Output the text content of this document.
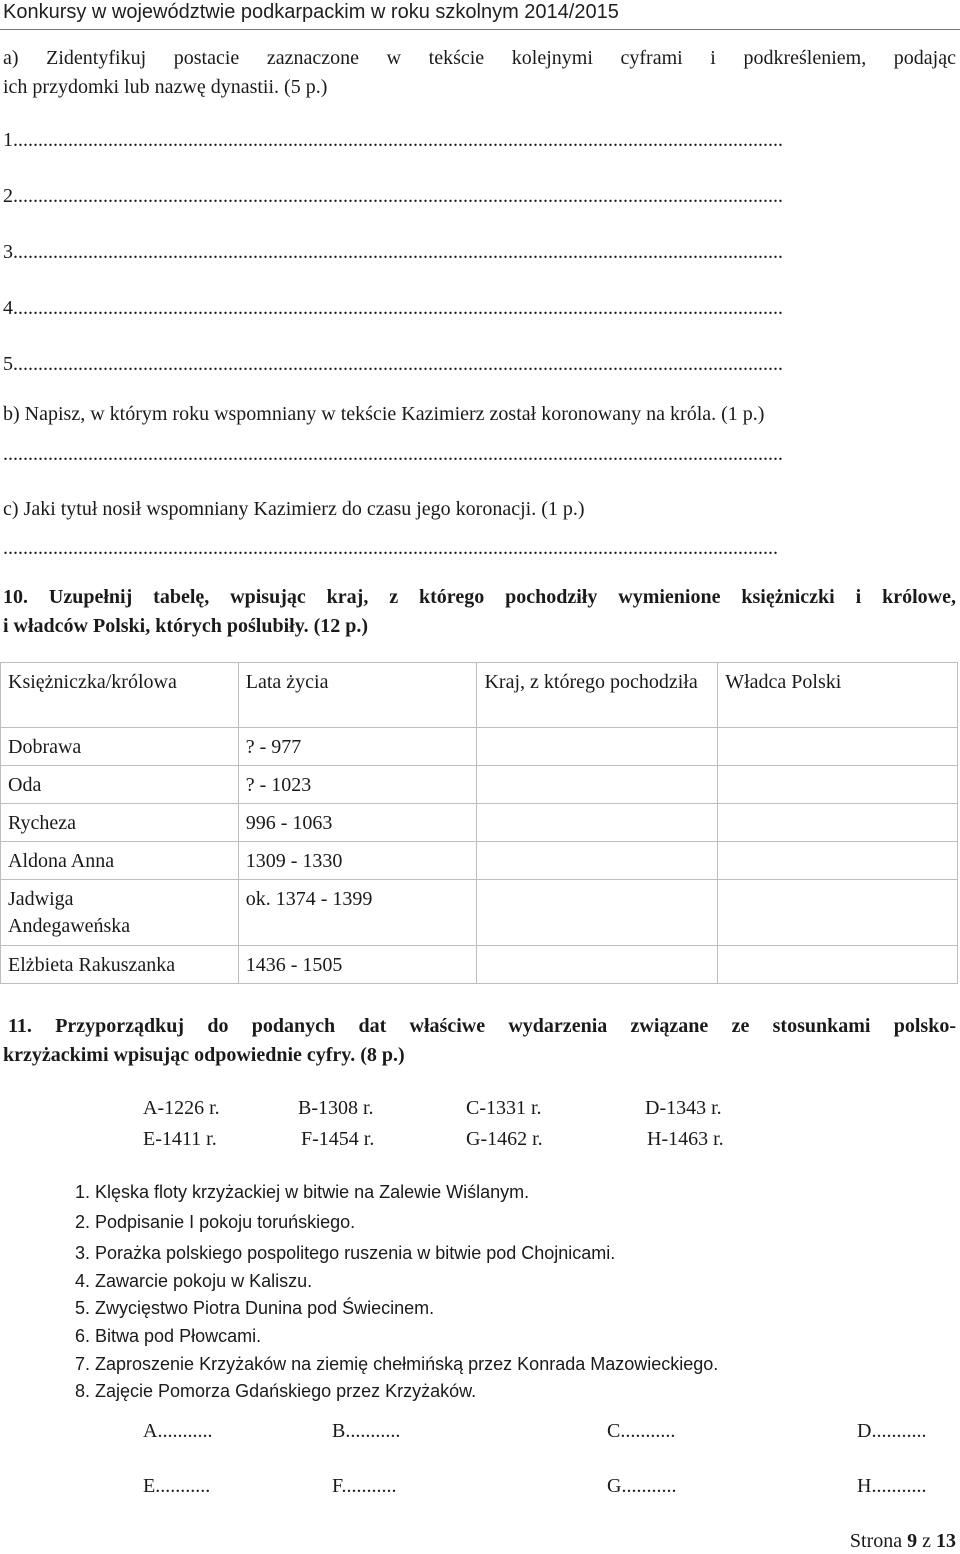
Konkursy w województwie podkarpackim w roku szkolnym 2014/2015
a) Zidentyfikuj postacie zaznaczone w tekście kolejnymi cyframi i podkreśleniem, podając
ich przydomki lub nazwę dynastii. (5 p.)
1..........................................................................................................................................................
2..........................................................................................................................................................
3..........................................................................................................................................................
4..........................................................................................................................................................
5..........................................................................................................................................................
b) Napisz, w którym roku wspomniany w tekście Kazimierz został koronowany na króla. (1 p.)
............................................................................................................................................................
c) Jaki tytuł nosił wspomniany Kazimierz do czasu jego koronacji. (1 p.)
...........................................................................................................................................................
10. Uzupełnij tabelę, wpisując kraj, z którego pochodziły wymienione księżniczki i królowe,
i władców Polski, których poślubiły. (12 p.)
Księżniczka/królowa	Lata życia	Kraj, z którego pochodziła	Władca Polski
Dobrawa	? - 977		
Oda	? - 1023		
Rycheza	996 - 1063		
Aldona Anna	1309 - 1330		
Jadwiga Andegaweńska	ok. 1374 - 1399		
Elżbieta Rakuszanka	1436 - 1505		
11. Przyporządkuj do podanych dat właściwe wydarzenia związane ze stosunkami polsko-
krzyżackimi wpisując odpowiednie cyfry. (8 p.)
A-1226 r.	B-1308 r.	C-1331 r.	D-1343 r.
E-1411 r.	F-1454 r.	G-1462 r.	H-1463 r.
1. Klęska floty krzyżackiej w bitwie na Zalewie Wiślanym.
2. Podpisanie I pokoju toruńskiego.
3. Porażka polskiego pospolitego ruszenia w bitwie pod Chojnicami.
4. Zawarcie pokoju w Kaliszu.
5. Zwycięstwo Piotra Dunina pod Świecinem.
6. Bitwa pod Płowcami.
7. Zaproszenie Krzyżaków na ziemię chełmińską przez Konrada Mazowieckiego.
8. Zajęcie Pomorza Gdańskiego przez Krzyżaków.
A...........	B...........	C...........	D...........
E...........	F...........	G...........	H...........
Strona 9 z 13
